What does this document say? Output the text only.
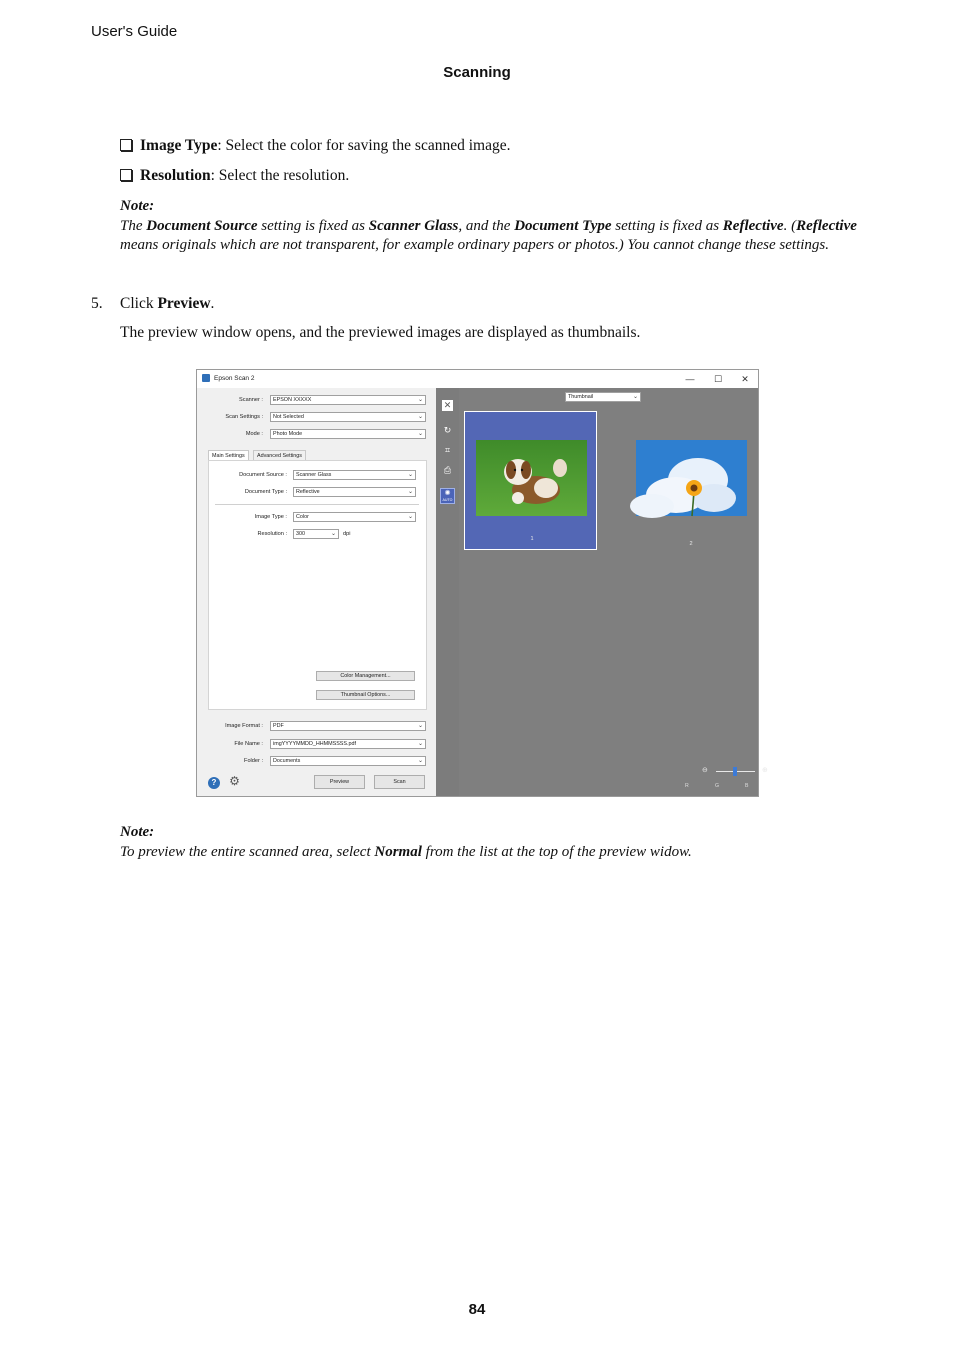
User's Guide
Scanning
Image Type: Select the color for saving the scanned image.
Resolution: Select the resolution.
Note:
The Document Source setting is fixed as Scanner Glass, and the Document Type setting is fixed as Reflective. (Reflective means originals which are not transparent, for example ordinary papers or photos.) You cannot change these settings.
5. Click Preview.
The preview window opens, and the previewed images are displayed as thumbnails.
Epson Scan 2	—	☐	✕
Scanner :	EPSON XXXXX	⌄
Scan Settings :	Not Selected	⌄
Mode :	Photo Mode	⌄
Main Settings	Advanced Settings
Document Source :	Scanner Glass	⌄
Document Type :	Reflective	⌄
Image Type :	Color	⌄
Resolution :	300	⌄ dpi
Color Management...
Thumbnail Options...
Image Format :	PDF	⌄
File Name :	imgYYYYMMDD_HHMMSSSS.pdf	⌄
Folder :	Documents	⌄
? ⚙	Preview	Scan
✕
↻
⌗
⎙
✺
AUTO
Thumbnail	⌄
1
2
⊖	⊕
R	G	B
Note:
To preview the entire scanned area, select Normal from the list at the top of the preview widow.
84
